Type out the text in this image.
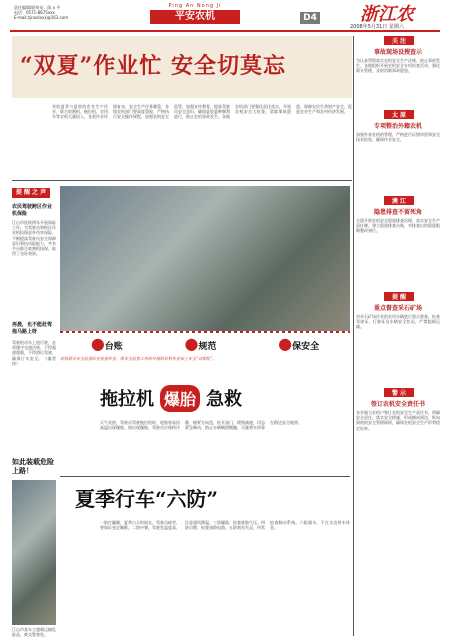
责任编辑/联络员：陈 x 平
电话：0571-8675xxx
E-mail:zjnoolxxx@163.com
Ping An Nong Ji
平安农机	D4 浙江农
2008年5月31日 星期六
“双夏”作业忙 安全切莫忘
麦收夏季与夏收的农业生产作业，联合收割机、拖拉机、农用车等农机大量投入，各类作业环境复杂，安全生产任务繁重，各级农机部门要高度重视，严格执行安全操作规程，加强农机安全监管，加强宣传教育，提高驾驶员安全意识，确保夏收夏种顺利进行，防止农机事故发生。各地农机部门要强化责任落实，开展农机安全大检查，消除事故隐患，保障农民生命财产安全，促进农业生产和农村经济发展。
提 醒 之 声
农民驾驶跨区作业机保险
江山市连续两年开展保险工作，为驾驶员和跨区作业机投保意外伤害保险，不断提高驾驶员安全保障意识和抗风险能力，共有多台联合收割机投保，取得了良好效果。
再晨，也不能赶驾拖马路上呀
驾驶机动车上道行驶，必须遵守交通法规，不得超速超载，不得酒后驾驶，确保行车安全。（编者按）
如此装载危险上路！
江山市某车主超载运输危险品，被交警查处。
●台账	●规范	●保安全
农机联合安全检查队在检查作业，保安全检查工作的开展给农机作业加上安全“双保险”。
拖拉机 爆胎 急救
天气炎热，驾驶员驾驶拖拉机时，轮胎容易因高温出现爆胎。如出现爆胎，驾驶员应保持冷静，握紧方向盘，松开油门，缓慢减速，切忌紧急制动，防止车辆侧滑侧翻，尽量将车停靠在路边安全地带。
夏季行车“六防”
一防打瞌睡，夏季白天时间长，驾驶员疲劳，要保证充足睡眠。二防中暑，驾驶室温度高，注意通风降温。三防爆胎，检查轮胎气压。四防自燃，检查油路电路。五防刹车失灵，经常检查制动系统。六防溺水，不在水边停车休息。
关 注
事故现场设搜查示
为认真贯彻落实农机安全生产法规，防止事故发生，各地组织开展农机安全专项检查活动，强化源头管理，及时消除事故隐患。
太 原
专项整治外籍农机
加强外来农机的管理，严格进行证照审验和安全技术检验，确保作业安全。
澳 江
隐患排查不留死角
全面开展农机安全隐患排查治理，落实安全生产责任制，建立隐患排查台账，对排查出的隐患限期整改到位。
提 醒
重点督查采石矿场
对采石矿场作业的农用车辆进行重点督查，检查驾驶证、行驶证及车辆安全状况，严禁超载运输。
警 示
签订农机安全责任书
各乡镇与农机户签订农机安全生产责任书，明确安全责任，落实安全措施，形成横向到边、纵向到底的安全管理网络，确保农机安全生产形势稳定好转。
